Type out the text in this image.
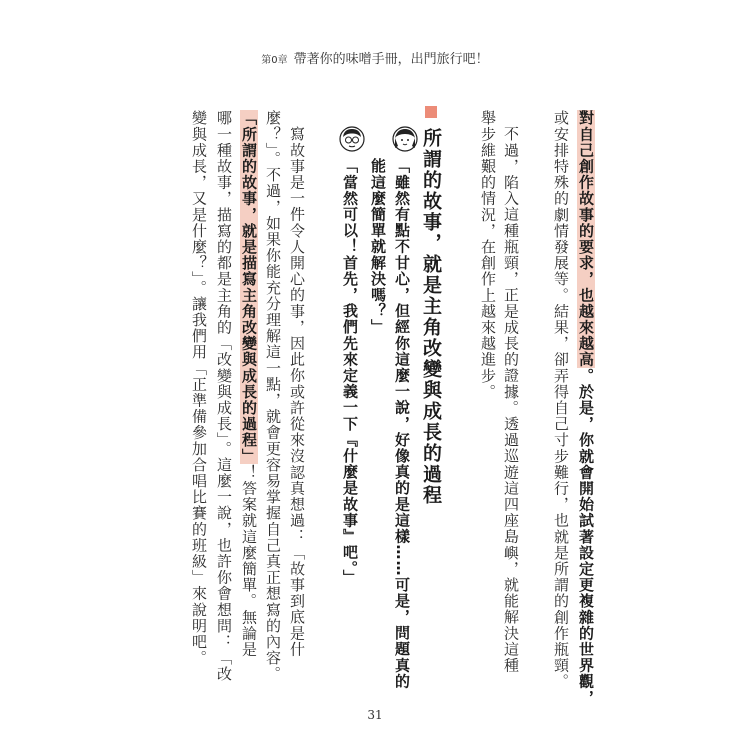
第0章 帶著你的味噌手冊，出門旅行吧！
對自己創作故事的要求，也越來越高。於是，你就會開始試著設定更複雜的世界觀，
或安排特殊的劇情發展等。結果，卻弄得自己寸步難行，也就是所謂的創作瓶頸。
不過，陷入這種瓶頸，正是成長的證據。透過巡遊這四座島嶼，就能解決這種
舉步維艱的情況，在創作上越來越進步。
所謂的故事，就是主角改變與成長的過程
「雖然有點不甘心，但經你這麼一說，好像真的是這樣……可是，問題真的
能這麼簡單就解決嗎？」
「當然可以！首先，我們先來定義一下『什麼是故事』吧。」
寫故事是一件令人開心的事，因此你或許從來沒認真想過：「故事到底是什
麼？」。不過，如果你能充分理解這一點，就會更容易掌握自己真正想寫的內容。
「所謂的故事，就是描寫主角改變與成長的過程」！答案就這麼簡單。無論是
哪一種故事，描寫的都是主角的「改變與成長」。這麼一說，也許你會想問：「改
變與成長，又是什麼？」。讓我們用「正準備參加合唱比賽的班級」來說明吧。
31
